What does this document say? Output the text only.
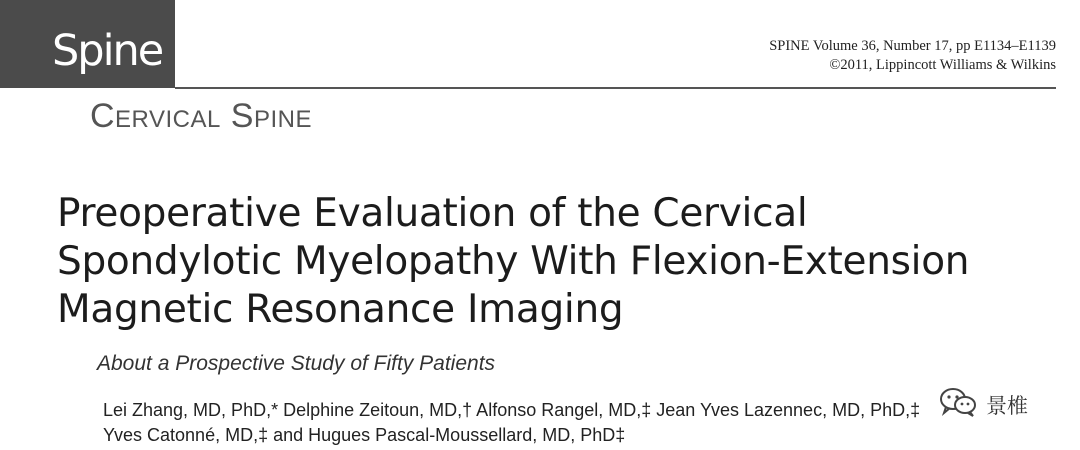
Spine	SPINE Volume 36, Number 17, pp E1134–E1139
©2011, Lippincott Williams & Wilkins
Cervical Spine
Preoperative Evaluation of the Cervical
Spondylotic Myelopathy With Flexion-Extension
Magnetic Resonance Imaging
About a Prospective Study of Fifty Patients
Lei Zhang, MD, PhD,* Delphine Zeitoun, MD,† Alfonso Rangel, MD,‡ Jean Yves Lazennec, MD, PhD,‡
Yves Catonné, MD,‡ and Hugues Pascal-Moussellard, MD, PhD‡
景椎
